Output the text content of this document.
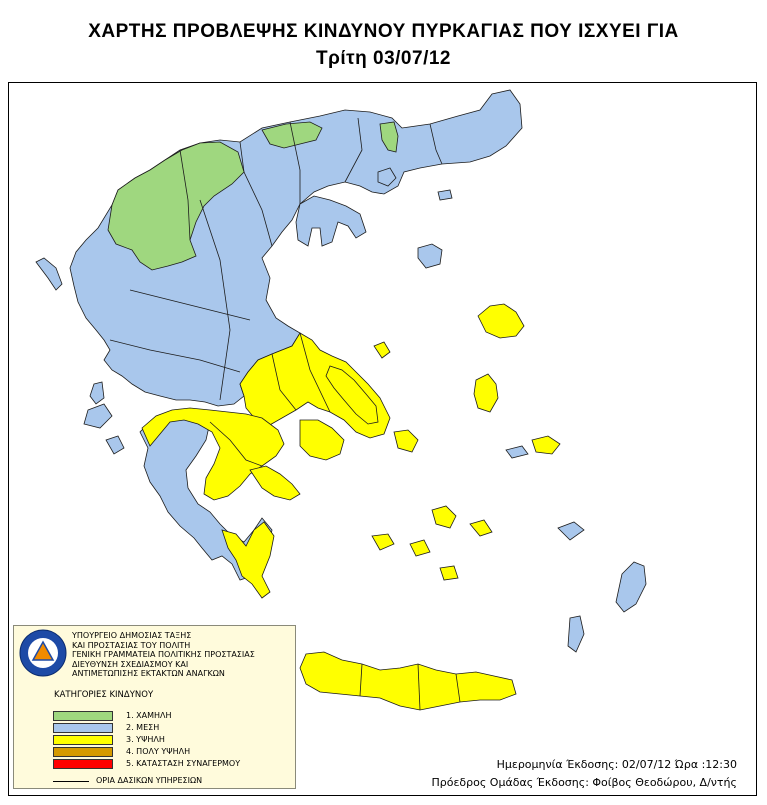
ΧΑΡΤΗΣ ΠΡΟΒΛΕΨΗΣ ΚΙΝΔΥΝΟΥ ΠΥΡΚΑΓΙΑΣ ΠΟΥ ΙΣΧΥΕΙ ΓΙΑ
Τρίτη 03/07/12
ΥΠΟΥΡΓΕΙΟ ΔΗΜΟΣΙΑΣ ΤΑΞΗΣ
ΚΑΙ ΠΡΟΣΤΑΣΙΑΣ ΤΟΥ ΠΟΛΙΤΗ
ΓΕΝΙΚΗ ΓΡΑΜΜΑΤΕΙΑ ΠΟΛΙΤΙΚΗΣ ΠΡΟΣΤΑΣΙΑΣ
ΔΙΕΥΘΥΝΣΗ ΣΧΕΔΙΑΣΜΟΥ ΚΑΙ
ΑΝΤΙΜΕΤΩΠΙΣΗΣ ΕΚΤΑΚΤΩΝ ΑΝΑΓΚΩΝ
ΚΑΤΗΓΟΡΙΕΣ ΚΙΝΔΥΝΟΥ
1. ΧΑΜΗΛΗ
2. ΜΕΣΗ
3. ΥΨΗΛΗ
4. ΠΟΛΥ ΥΨΗΛΗ
5. ΚΑΤΑΣΤΑΣΗ ΣΥΝΑΓΕΡΜΟΥ
ΟΡΙΑ ΔΑΣΙΚΩΝ ΥΠΗΡΕΣΙΩΝ
Ημερομηνία Έκδοσης: 02/07/12 Ώρα :12:30
Πρόεδρος Ομάδας Έκδοσης: Φοίβος Θεοδώρου, Δ/ντής
